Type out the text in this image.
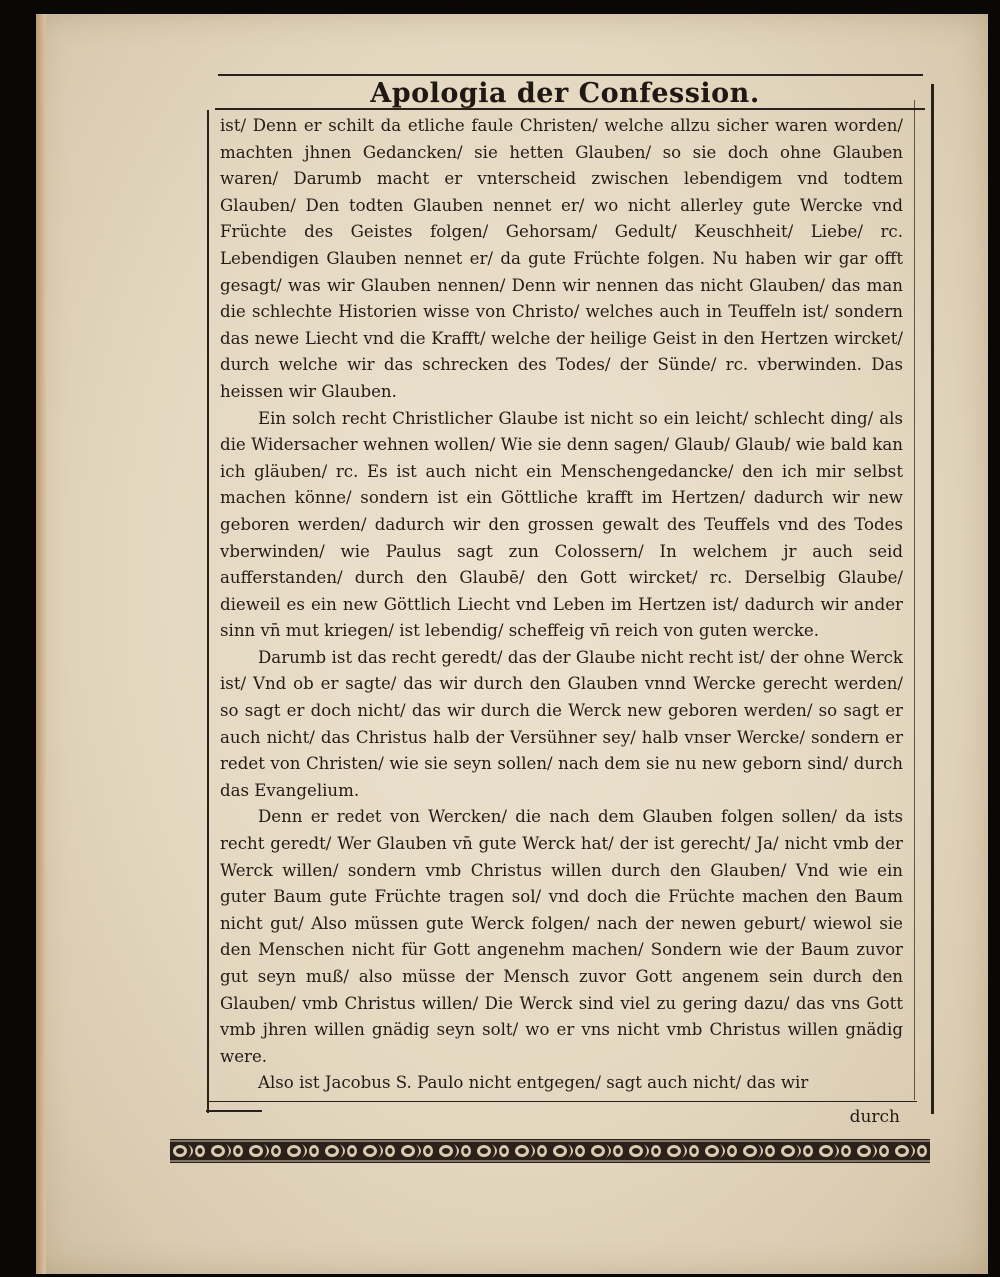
Apologia der Confession.

ist/ Denn er schilt da etliche faule Christen/ welche allzu sicher waren worden/ machten jhnen Gedancken/ sie hetten Glauben/ so sie doch ohne Glauben waren/ Darumb macht er vnterscheid zwischen lebendigem vnd todtem Glauben/ Den todten Glauben nennet er/ wo nicht allerley gute Wercke vnd Früchte des Geistes folgen/ Gehorsam/ Gedult/ Keuschheit/ Liebe/ rc. Lebendigen Glauben nennet er/ da gute Früchte folgen. Nu haben wir gar offt gesagt/ was wir Glauben nennen/ Denn wir nennen das nicht Glauben/ das man die schlechte Historien wisse von Christo/ welches auch in Teuffeln ist/ sondern das newe Liecht vnd die Krafft/ welche der heilige Geist in den Hertzen wircket/ durch welche wir das schrecken des Todes/ der Sünde/ rc. vberwinden. Das heissen wir Glauben.

Ein solch recht Christlicher Glaube ist nicht so ein leicht/ schlecht ding/ als die Widersacher wehnen wollen/ Wie sie denn sagen/ Glaub/ Glaub/ wie bald kan ich gläuben/ rc. Es ist auch nicht ein Menschengedancke/ den ich mir selbst machen könne/ sondern ist ein Göttliche krafft im Hertzen/ dadurch wir new geboren werden/ dadurch wir den grossen gewalt des Teuffels vnd des Todes vberwinden/ wie Paulus sagt zun Colossern/ In welchem jr auch seid aufferstanden/ durch den Glaubē/ den Gott wircket/ rc. Derselbig Glaube/ dieweil es ein new Göttlich Liecht vnd Leben im Hertzen ist/ dadurch wir ander sinn vn̄ mut kriegen/ ist lebendig/ scheffeig vn̄ reich von guten wercke.

Darumb ist das recht geredt/ das der Glaube nicht recht ist/ der ohne Werck ist/ Vnd ob er sagte/ das wir durch den Glauben vnnd Wercke gerecht werden/ so sagt er doch nicht/ das wir durch die Werck new geboren werden/ so sagt er auch nicht/ das Christus halb der Versühner sey/ halb vnser Wercke/ sondern er redet von Christen/ wie sie seyn sollen/ nach dem sie nu new geborn sind/ durch das Evangelium.

Denn er redet von Wercken/ die nach dem Glauben folgen sollen/ da ists recht geredt/ Wer Glauben vn̄ gute Werck hat/ der ist gerecht/ Ja/ nicht vmb der Werck willen/ sondern vmb Christus willen durch den Glauben/ Vnd wie ein guter Baum gute Früchte tragen sol/ vnd doch die Früchte machen den Baum nicht gut/ Also müssen gute Werck folgen/ nach der newen geburt/ wiewol sie den Menschen nicht für Gott angenehm machen/ Sondern wie der Baum zuvor gut seyn muß/ also müsse der Mensch zuvor Gott angenem sein durch den Glauben/ vmb Christus willen/ Die Werck sind viel zu gering dazu/ das vns Gott vmb jhren willen gnädig seyn solt/ wo er vns nicht vmb Christus willen gnädig were.

Also ist Jacobus S. Paulo nicht entgegen/ sagt auch nicht/ das wir

durch
